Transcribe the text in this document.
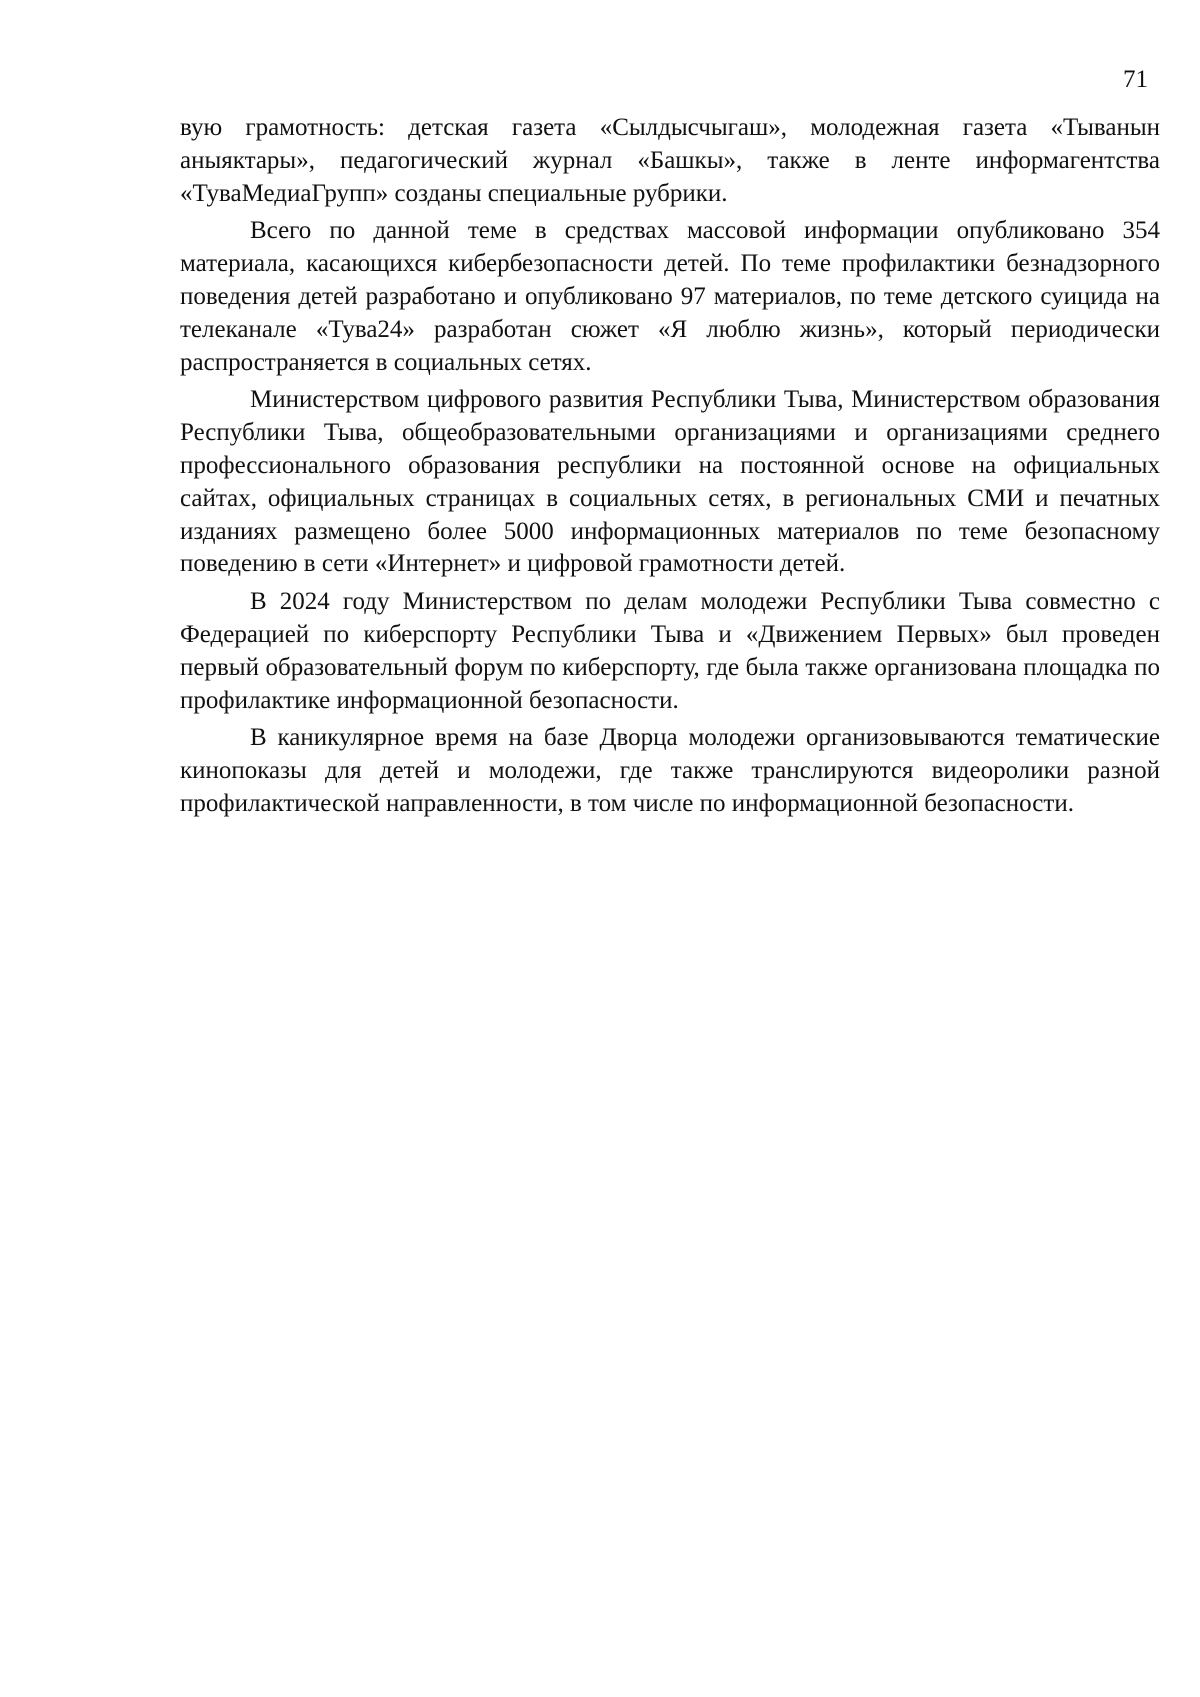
71

вую грамотность: детская газета «Сылдысчыгаш», молодежная газета «Тыванын аныяктары», педагогический журнал «Башкы», также в ленте информагентства «ТуваМедиаГрупп» созданы специальные рубрики.

Всего по данной теме в средствах массовой информации опубликовано 354 материала, касающихся кибербезопасности детей. По теме профилактики безнадзорного поведения детей разработано и опубликовано 97 материалов, по теме детского суицида на телеканале «Тува24» разработан сюжет «Я люблю жизнь», который периодически распространяется в социальных сетях.

Министерством цифрового развития Республики Тыва, Министерством образования Республики Тыва, общеобразовательными организациями и организациями среднего профессионального образования республики на постоянной основе на официальных сайтах, официальных страницах в социальных сетях, в региональных СМИ и печатных изданиях размещено более 5000 информационных материалов по теме безопасному поведению в сети «Интернет» и цифровой грамотности детей.

В 2024 году Министерством по делам молодежи Республики Тыва совместно с Федерацией по киберспорту Республики Тыва и «Движением Первых» был проведен первый образовательный форум по киберспорту, где была также организована площадка по профилактике информационной безопасности.

В каникулярное время на базе Дворца молодежи организовываются тематические кинопоказы для детей и молодежи, где также транслируются видеоролики разной профилактической направленности, в том числе по информационной безопасности.
